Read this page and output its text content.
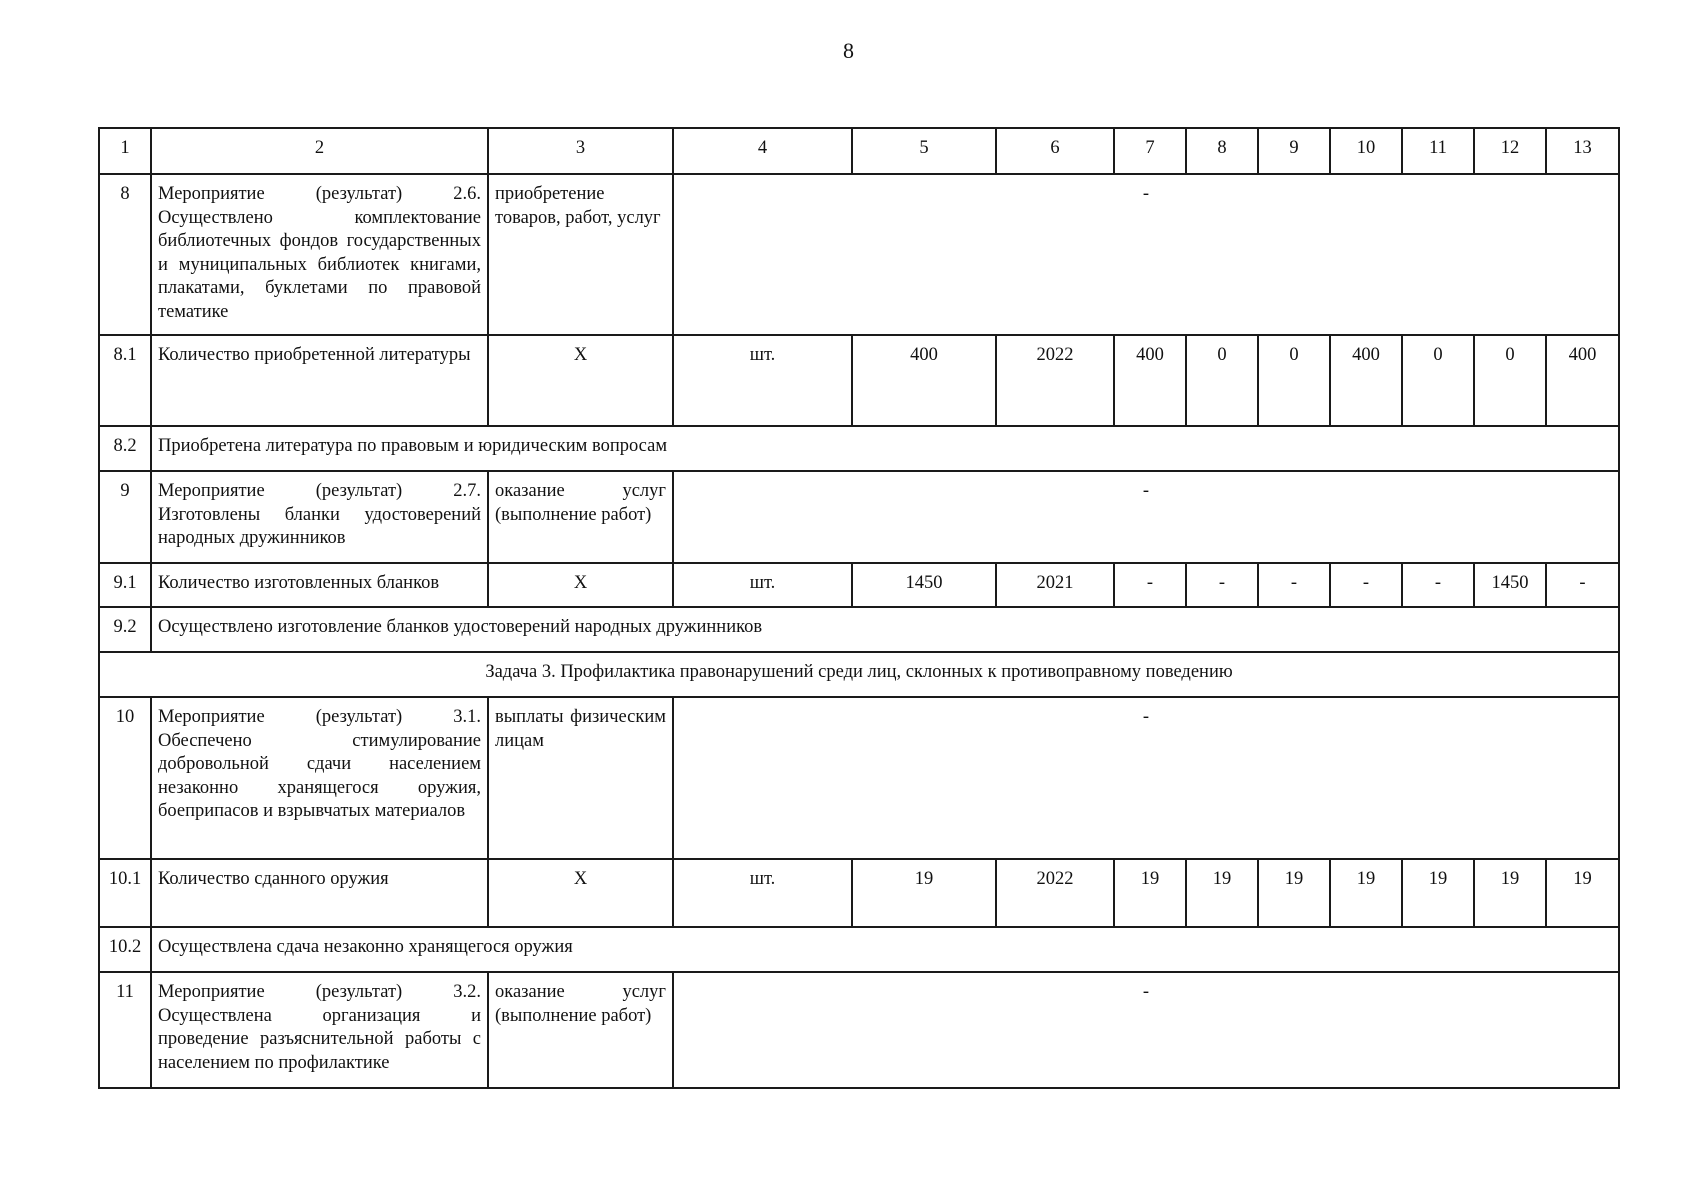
8
1	2	3	4	5	6	7	8	9	10	11	12	13
8	Мероприятие (результат) 2.6. Осуществлено комплектование библиотечных фондов государственных и муниципальных библиотек книгами, плакатами, буклетами по правовой тематике	приобретение товаров, работ, услуг	-									
8.1	Количество приобретенной литературы	Х	шт.	400	2022	400	0	0	400	0	0	400
8.2	Приобретена литература по правовым и юридическим вопросам											
9	Мероприятие (результат) 2.7. Изготовлены бланки удостоверений народных дружинников	оказание услуг (выполнение работ)	-									
9.1	Количество изготовленных бланков	Х	шт.	1450	2021	-	-	-	-	-	1450	-
9.2	Осуществлено изготовление бланков удостоверений народных дружинников											
Задача 3. Профилактика правонарушений среди лиц, склонных к противоправному поведению												
10	Мероприятие (результат) 3.1. Обеспечено стимулирование добровольной сдачи населением незаконно хранящегося оружия, боеприпасов и взрывчатых материалов	выплаты физическим лицам	-									
10.1	Количество сданного оружия	Х	шт.	19	2022	19	19	19	19	19	19	19
10.2	Осуществлена сдача незаконно хранящегося оружия											
11	Мероприятие (результат) 3.2. Осуществлена организация и проведение разъяснительной работы с населением по профилактике	оказание услуг (выполнение работ)	-									
